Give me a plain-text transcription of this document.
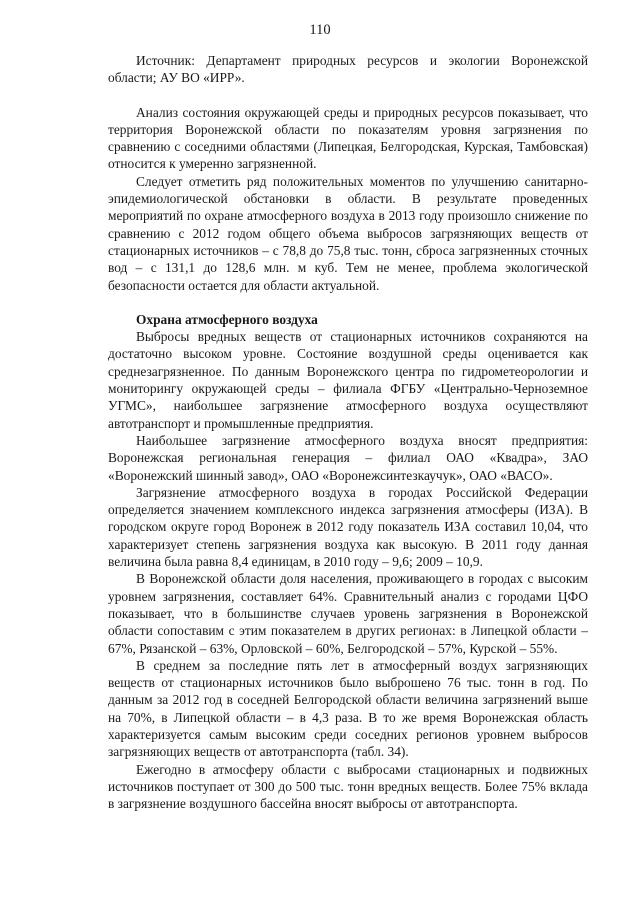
110

Источник: Департамент природных ресурсов и экологии Воронежской области; АУ ВО «ИРР».

Анализ состояния окружающей среды и природных ресурсов показывает, что территория Воронежской области по показателям уровня загрязнения по сравнению с соседними областями (Липецкая, Белгородская, Курская, Тамбовская) относится к умеренно загрязненной.

Следует отметить ряд положительных моментов по улучшению санитарно-эпидемиологической обстановки в области. В результате проведенных мероприятий по охране атмосферного воздуха в 2013 году произошло снижение по сравнению с 2012 годом общего объема выбросов загрязняющих веществ от стационарных источников – с 78,8 до 75,8 тыс. тонн, сброса загрязненных сточных вод – с 131,1 до 128,6 млн. м куб. Тем не менее, проблема экологической безопасности остается для области актуальной.

Охрана атмосферного воздуха

Выбросы вредных веществ от стационарных источников сохраняются на достаточно высоком уровне. Состояние воздушной среды оценивается как среднезагрязненное. По данным Воронежского центра по гидрометеорологии и мониторингу окружающей среды – филиала ФГБУ «Центрально-Черноземное УГМС», наибольшее загрязнение атмосферного воздуха осуществляют автотранспорт и промышленные предприятия.

Наибольшее загрязнение атмосферного воздуха вносят предприятия: Воронежская региональная генерация – филиал ОАО «Квадра», ЗАО «Воронежский шинный завод», ОАО «Воронежсинтезкаучук», ОАО «ВАСО».

Загрязнение атмосферного воздуха в городах Российской Федерации определяется значением комплексного индекса загрязнения атмосферы (ИЗА). В городском округе город Воронеж в 2012 году показатель ИЗА составил 10,04, что характеризует степень загрязнения воздуха как высокую. В 2011 году данная величина была равна 8,4 единицам, в 2010 году – 9,6; 2009 – 10,9.

В Воронежской области доля населения, проживающего в городах с высоким уровнем загрязнения, составляет 64%. Сравнительный анализ с городами ЦФО показывает, что в большинстве случаев уровень загрязнения в Воронежской области сопоставим с этим показателем в других регионах: в Липецкой области – 67%, Рязанской – 63%, Орловской – 60%, Белгородской – 57%, Курской – 55%.

В среднем за последние пять лет в атмосферный воздух загрязняющих веществ от стационарных источников было выброшено 76 тыс. тонн в год. По данным за 2012 год в соседней Белгородской области величина загрязнений выше на 70%, в Липецкой области – в 4,3 раза. В то же время Воронежская область характеризуется самым высоким среди соседних регионов уровнем выбросов загрязняющих веществ от автотранспорта (табл. 34).

Ежегодно в атмосферу области с выбросами стационарных и подвижных источников поступает от 300 до 500 тыс. тонн вредных веществ. Более 75% вклада в загрязнение воздушного бассейна вносят выбросы от автотранспорта.
